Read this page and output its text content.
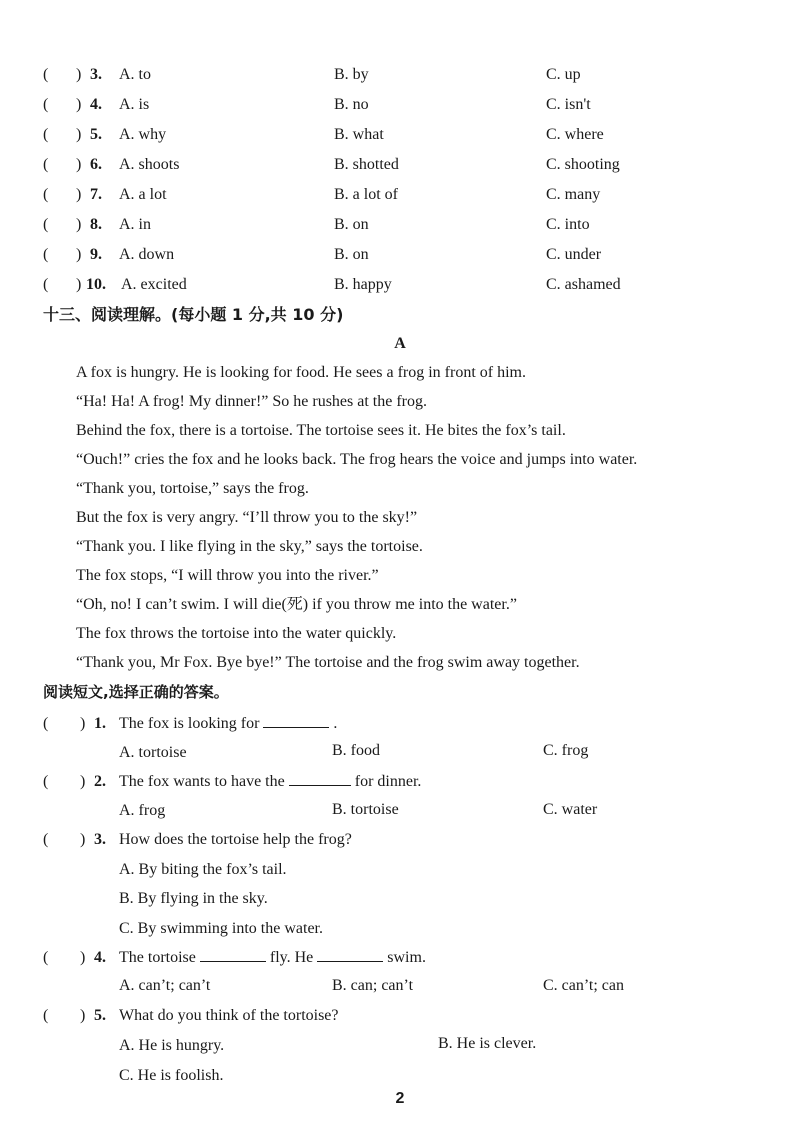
( ) 3. A. to	B. by	C. up
( ) 4. A. is	B. no	C. isn't
( ) 5. A. why	B. what	C. where
( ) 6. A. shoots	B. shotted	C. shooting
( ) 7. A. a lot	B. a lot of	C. many
( ) 8. A. in	B. on	C. into
( ) 9. A. down	B. on	C. under
( ) 10. A. excited	B. happy	C. ashamed
十三、阅读理解。(每小题 1 分,共 10 分)
A
A fox is hungry. He is looking for food. He sees a frog in front of him.
“Ha! Ha! A frog! My dinner!” So he rushes at the frog.
Behind the fox, there is a tortoise. The tortoise sees it. He bites the fox’s tail.
“Ouch!” cries the fox and he looks back. The frog hears the voice and jumps into water.
“Thank you, tortoise,” says the frog.
But the fox is very angry. “I’ll throw you to the sky!”
“Thank you. I like flying in the sky,” says the tortoise.
The fox stops, “I will throw you into the river.”
“Oh, no! I can’t swim. I will die(死) if you throw me into the water.”
The fox throws the tortoise into the water quickly.
“Thank you, Mr Fox. Bye bye!” The tortoise and the frog swim away together.
阅读短文,选择正确的答案。
( ) 1. The fox is looking for	.
A. tortoise	B. food	C. frog
( ) 2. The fox wants to have the	for dinner.
A. frog	B. tortoise	C. water
( ) 3. How does the tortoise help the frog?
A. By biting the fox’s tail.
B. By flying in the sky.
C. By swimming into the water.
( ) 4. The tortoise	fly. He	swim.
A. can’t; can’t	B. can; can’t	C. can’t; can
( ) 5. What do you think of the tortoise?
A. He is hungry.	B. He is clever.
C. He is foolish.
2
